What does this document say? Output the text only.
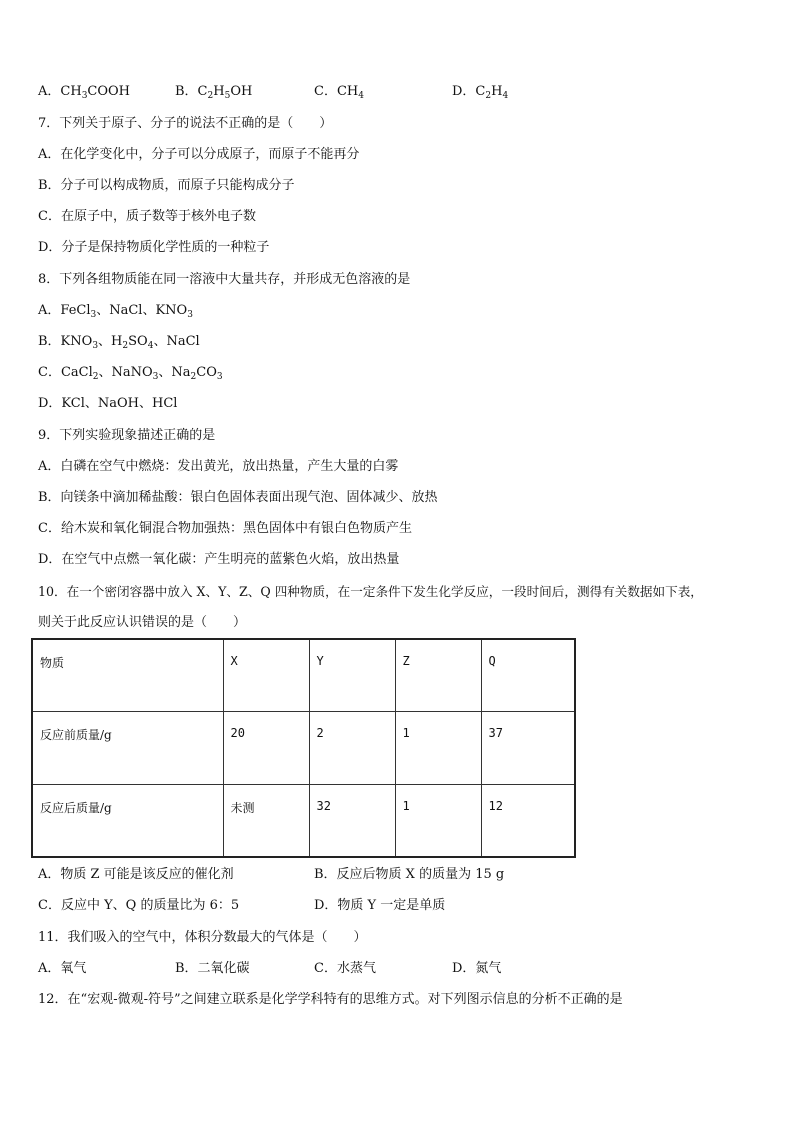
A．$CH_3COOH$	B．$C_2H_5OH$	C．$CH_4$	D．$C_2H_4$
7．下列关于原子、分子的说法不正确的是（　　）
A．在化学变化中，分子可以分成原子，而原子不能再分
B．分子可以构成物质，而原子只能构成分子
C．在原子中，质子数等于核外电子数
D．分子是保持物质化学性质的一种粒子
8．下列各组物质能在同一溶液中大量共存，并形成无色溶液的是
A．FeCl$_3$、NaCl、$KNO_3$
B．$KNO_3$、$H_2SO_4$、NaCl
C．CaCl$_2$、NaNO$_3$、$Na_2CO_3$
D．KCl、NaOH、HCl
9．下列实验现象描述正确的是
A．白磷在空气中燃烧：发出黄光，放出热量，产生大量的白雾
B．向镁条中滴加稀盐酸：银白色固体表面出现气泡、固体减少、放热
C．给木炭和氧化铜混合物加强热：黑色固体中有银白色物质产生
D．在空气中点燃一氧化碳：产生明亮的蓝紫色火焰，放出热量
10．在一个密闭容器中放入 X、Y、Z、Q 四种物质，在一定条件下发生化学反应，一段时间后，测得有关数据如下表，
则关于此反应认识错误的是（　　）
物质	X	Y	Z	Q
反应前质量/g	20	2	1	37
反应后质量/g	未测	32	1	12
A．物质 Z 可能是该反应的催化剂	B．反应后物质 X 的质量为 15 g
C．反应中 Y、Q 的质量比为 6：5	D．物质 Y 一定是单质
11．我们吸入的空气中，体积分数最大的气体是（　　）
A．氧气	B．二氧化碳	C．水蒸气	D．氮气
12．在“宏观-微观-符号”之间建立联系是化学学科特有的思维方式。对下列图示信息的分析不正确的是
